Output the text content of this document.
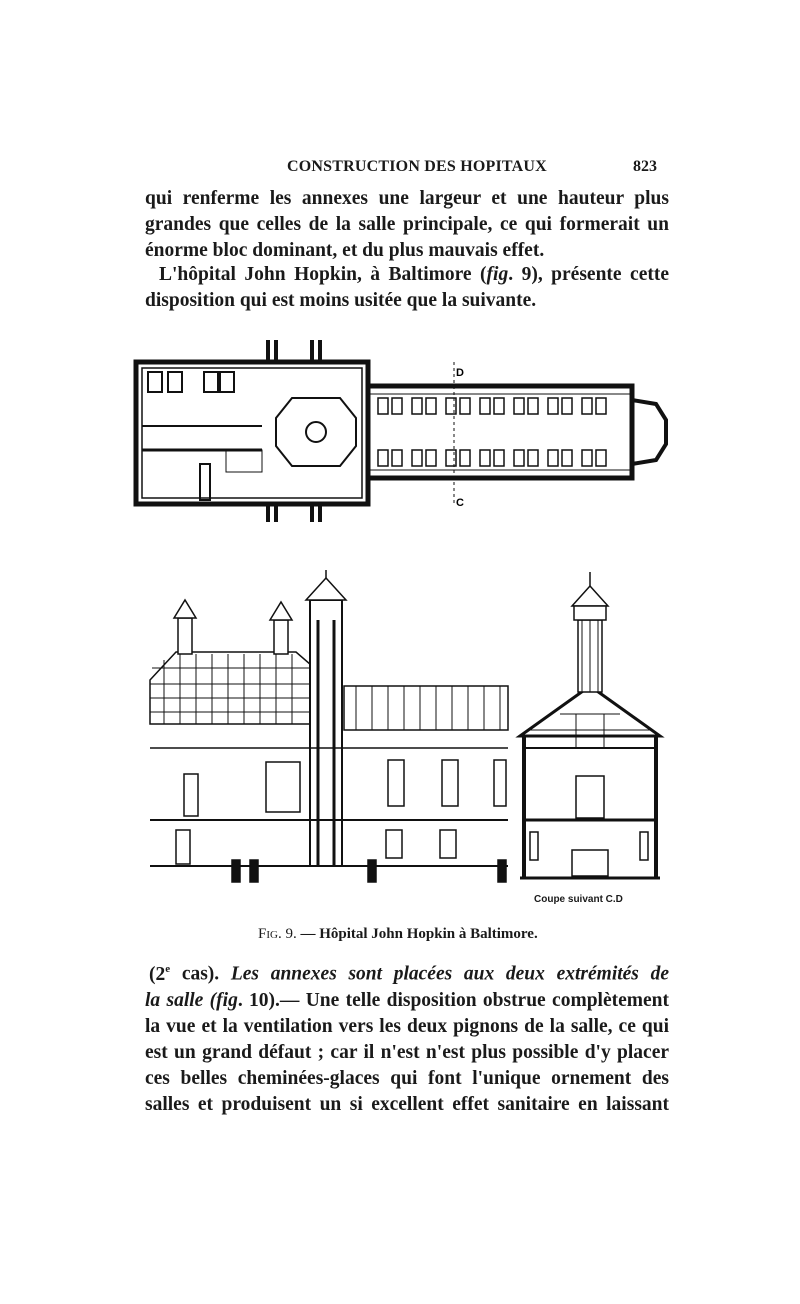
CONSTRUCTION DES HOPITAUX	823
qui renferme les annexes une largeur et une hauteur plus
grandes que celles de la salle principale, ce qui formerait un
énorme bloc dominant, et du plus mauvais effet.
L'hôpital John Hopkin, à Baltimore (fig. 9), présente cette
disposition qui est moins usitée que la suivante.
D
C
Coupe suivant C.D
Fig. 9. — Hôpital John Hopkin à Baltimore.
(2e cas). Les annexes sont placées aux deux extrémités de
la salle (fig. 10).— Une telle disposition obstrue complètement
la vue et la ventilation vers les deux pignons de la salle, ce qui
est un grand défaut ; car il n'est n'est plus possible d'y placer
ces belles cheminées-glaces qui font l'unique ornement des
salles et produisent un si excellent effet sanitaire en laissant
